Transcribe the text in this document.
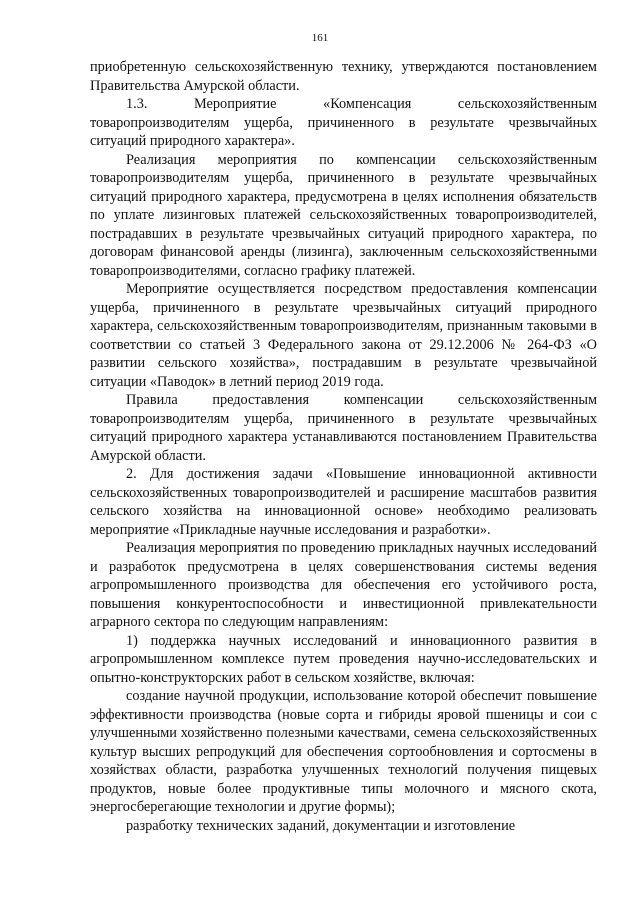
161

приобретенную сельскохозяйственную технику, утверждаются постановлением Правительства Амурской области.

1.3. Мероприятие «Компенсация сельскохозяйственным товаропроизводителям ущерба, причиненного в результате чрезвычайных ситуаций природного характера».

Реализация мероприятия по компенсации сельскохозяйственным товаропроизводителям ущерба, причиненного в результате чрезвычайных ситуаций природного характера, предусмотрена в целях исполнения обязательств по уплате лизинговых платежей сельскохозяйственных товаропроизводителей, пострадавших в результате чрезвычайных ситуаций природного характера, по договорам финансовой аренды (лизинга), заключенным сельскохозяйственными товаропроизводителями, согласно графику платежей.

Мероприятие осуществляется посредством предоставления компенсации ущерба, причиненного в результате чрезвычайных ситуаций природного характера, сельскохозяйственным товаропроизводителям, признанным таковыми в соответствии со статьей 3 Федерального закона от 29.12.2006 № 264-ФЗ «О развитии сельского хозяйства», пострадавшим в результате чрезвычайной ситуации «Паводок» в летний период 2019 года.

Правила предоставления компенсации сельскохозяйственным товаропроизводителям ущерба, причиненного в результате чрезвычайных ситуаций природного характера устанавливаются постановлением Правительства Амурской области.

2. Для достижения задачи «Повышение инновационной активности сельскохозяйственных товаропроизводителей и расширение масштабов развития сельского хозяйства на инновационной основе» необходимо реализовать мероприятие «Прикладные научные исследования и разработки».

Реализация мероприятия по проведению прикладных научных исследований и разработок предусмотрена в целях совершенствования системы ведения агропромышленного производства для обеспечения его устойчивого роста, повышения конкурентоспособности и инвестиционной привлекательности аграрного сектора по следующим направлениям:

1) поддержка научных исследований и инновационного развития в агропромышленном комплексе путем проведения научно-исследовательских и опытно-конструкторских работ в сельском хозяйстве, включая:

создание научной продукции, использование которой обеспечит повышение эффективности производства (новые сорта и гибриды яровой пшеницы и сои с улучшенными хозяйственно полезными качествами, семена сельскохозяйственных культур высших репродукций для обеспечения сортообновления и сортосмены в хозяйствах области, разработка улучшенных технологий получения пищевых продуктов, новые более продуктивные типы молочного и мясного скота, энергосберегающие технологии и другие формы);

разработку технических заданий, документации и изготовление
